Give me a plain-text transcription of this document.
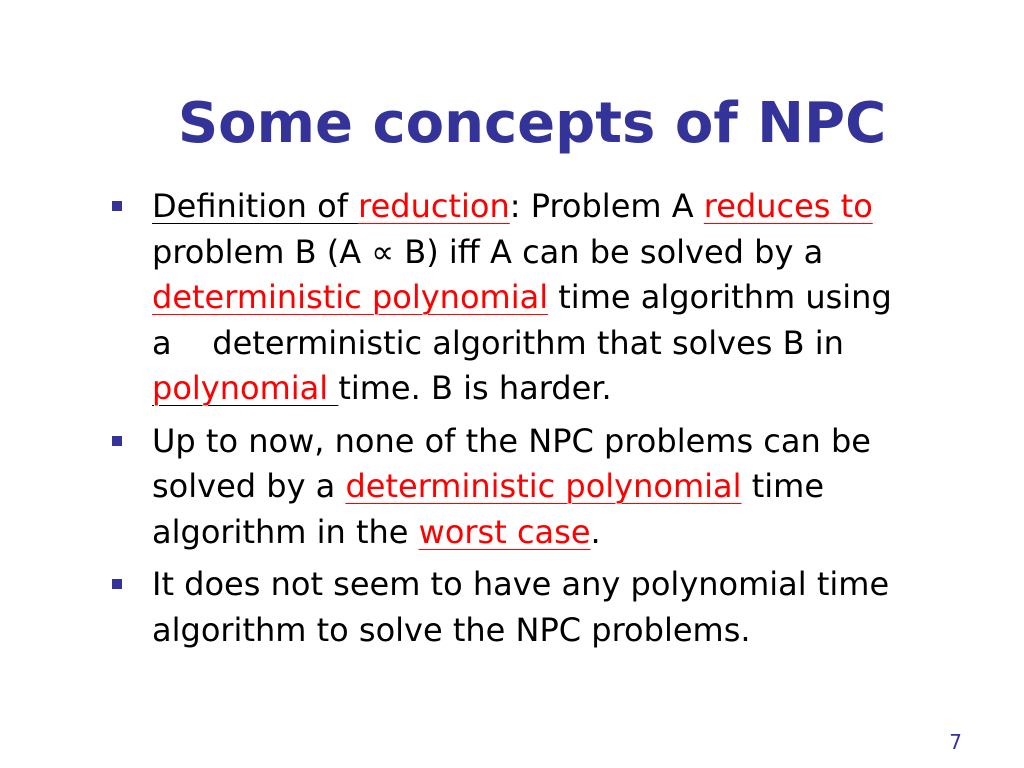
Some concepts of NPC
Definition of reduction: Problem A reduces to
problem B (A ∝ B) iff A can be solved by a
deterministic polynomial time algorithm using
a    deterministic algorithm that solves B in
polynomial time. B is harder.
Up to now, none of the NPC problems can be
solved by a deterministic polynomial time
algorithm in the worst case.
It does not seem to have any polynomial time
algorithm to solve the NPC problems.
7
